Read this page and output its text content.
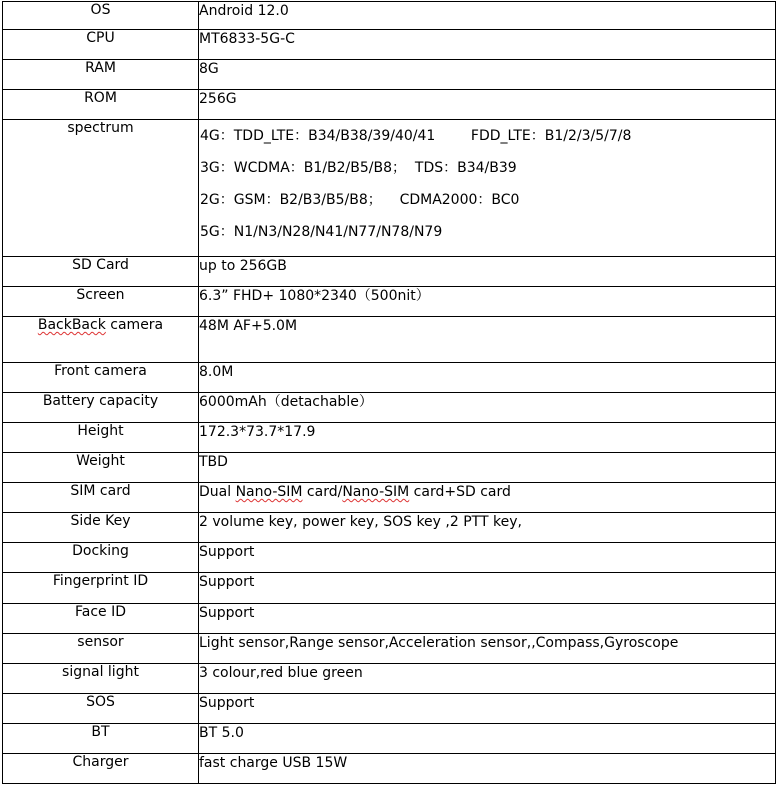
OS	Android 12.0
CPU	MT6833-5G-C
RAM	8G
ROM	256G
spectrum	4G：TDD_LTE：B34/B38/39/40/41        FDD_LTE：B1/2/3/5/7/8
3G：WCDMA：B1/B2/B5/B8；  TDS：B34/B39
2G：GSM：B2/B3/B5/B8；    CDMA2000：BC0
5G：N1/N3/N28/N41/N77/N78/N79

SD Card	up to 256GB
Screen	6.3” FHD+ 1080*2340（500nit）
BackBack camera	48M AF+5.0M
Front camera	8.0M
Battery capacity	6000mAh（detachable）
Height	172.3*73.7*17.9
Weight	TBD
SIM card	Dual Nano-SIM card/Nano-SIM card+SD card
Side Key	2 volume key, power key, SOS key ,2 PTT key,
Docking	Support
Fingerprint ID	Support
Face ID	Support
sensor	Light sensor,Range sensor,Acceleration sensor,,Compass,Gyroscope
signal light	3 colour,red blue green
SOS	Support
BT	BT 5.0
Charger	fast charge USB 15W
